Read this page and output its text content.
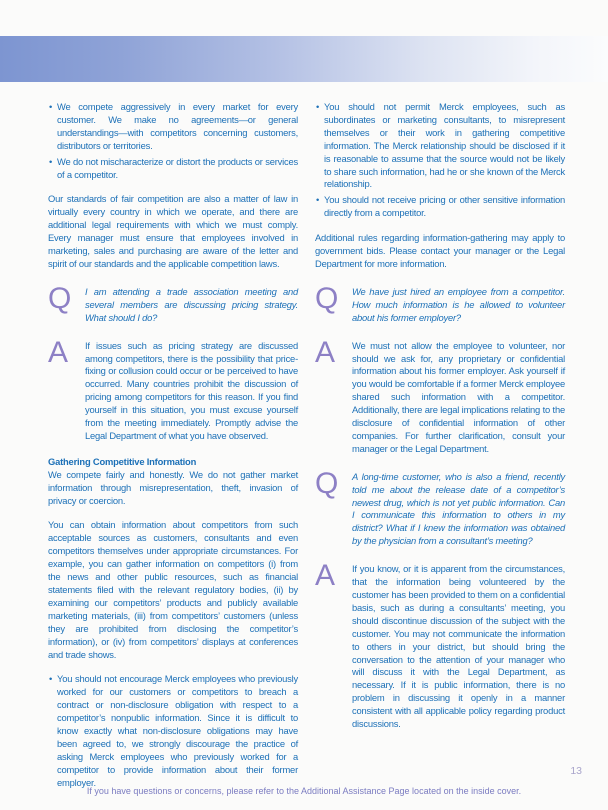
• We compete aggressively in every market for every customer. We make no agreements—or general understandings—with competitors concerning customers, distributors or territories.
• We do not mischaracterize or distort the products or services of a competitor.

Our standards of fair competition are also a matter of law in virtually every country in which we operate, and there are additional legal requirements with which we must comply. Every manager must ensure that employees involved in marketing, sales and purchasing are aware of the letter and spirit of our standards and the applicable competition laws.

Q	I am attending a trade association meeting and several members are discussing pricing strategy. What should I do?
A	If issues such as pricing strategy are discussed among competitors, there is the possibility that price-fixing or collusion could occur or be perceived to have occurred. Many countries prohibit the discussion of pricing among competitors for this reason. If you find yourself in this situation, you must excuse yourself from the meeting immediately. Promptly advise the Legal Department of what you have observed.
Gathering Competitive Information

We compete fairly and honestly. We do not gather market information through misrepresentation, theft, invasion of privacy or coercion.

You can obtain information about competitors from such acceptable sources as customers, consultants and even competitors themselves under appropriate circumstances. For example, you can gather information on competitors (i) from the news and other public resources, such as financial statements filed with the relevant regulatory bodies, (ii) by examining our competitors’ products and publicly available marketing materials, (iii) from competitors’ customers (unless they are prohibited from disclosing the competitor’s information), or (iv) from competitors’ displays at conferences and trade shows.

• You should not encourage Merck employees who previously worked for our customers or competitors to breach a contract or non-disclosure obligation with respect to a competitor’s nonpublic information. Since it is difficult to know exactly what non-disclosure obligations may have been agreed to, we strongly discourage the practice of asking Merck employees who previously worked for a competitor to provide information about their former employer.
• You should not permit Merck employees, such as subordinates or marketing consultants, to misrepresent themselves or their work in gathering competitive information. The Merck relationship should be disclosed if it is reasonable to assume that the source would not be likely to share such information, had he or she known of the Merck relationship.
• You should not receive pricing or other sensitive information directly from a competitor.

Additional rules regarding information-gathering may apply to government bids. Please contact your manager or the Legal Department for more information.

Q	We have just hired an employee from a competitor. How much information is he allowed to volunteer about his former employer?
A	We must not allow the employee to volunteer, nor should we ask for, any proprietary or confidential information about his former employer. Ask yourself if you would be comfortable if a former Merck employee shared such information with a competitor. Additionally, there are legal implications relating to the disclosure of confidential information of other companies. For further clarification, consult your manager or the Legal Department.
Q	A long-time customer, who is also a friend, recently told me about the release date of a competitor’s newest drug, which is not yet public information. Can I communicate this information to others in my district? What if I knew the information was obtained by the physician from a consultant’s meeting?
A	If you know, or it is apparent from the circumstances, that the information being volunteered by the customer has been provided to them on a confidential basis, such as during a consultants’ meeting, you should discontinue discussion of the subject with the customer. You may not communicate the information to others in your district, but should bring the conversation to the attention of your manager who will discuss it with the Legal Department, as necessary. If it is public information, there is no problem in discussing it openly in a manner consistent with all applicable policy regarding product discussions.
13
If you have questions or concerns, please refer to the Additional Assistance Page located on the inside cover.
